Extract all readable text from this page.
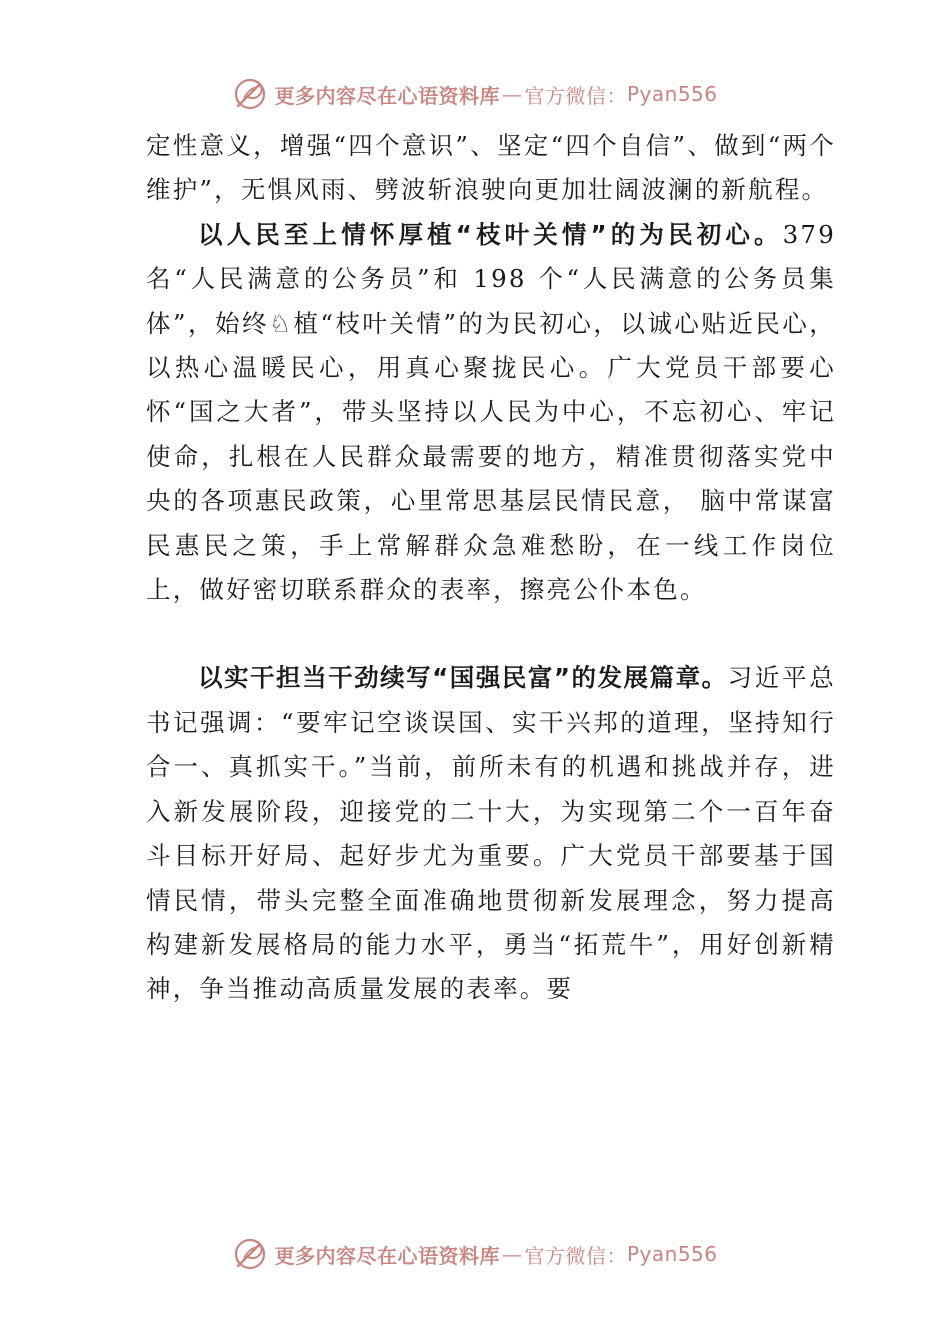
更多内容尽在心语资料库 — 官方微信： Pyan556

定性意义，增强“四个意识”、坚定“四个自信”、做到“两个维护”，无惧风雨、劈波斩浪驶向更加壮阔波澜的新航程。

以人民至上情怀厚植“枝叶关情”的为民初心。379名“人民满意的公务员”和 198 个“人民满意的公务员集体”，始终♘植“枝叶关情”的为民初心，以诚心贴近民心，以热心温暖民心，用真心聚拢民心。广大党员干部要心怀“国之大者”，带头坚持以人民为中心，不忘初心、牢记使命，扎根在人民群众最需要的地方，精准贯彻落实党中央的各项惠民政策，心里常思基层民情民意， 脑中常谋富民惠民之策，手上常解群众急难愁盼，在一线工作岗位上，做好密切联系群众的表率，擦亮公仆本色。

以实干担当干劲续写“国强民富”的发展篇章。习近平总书记强调：“要牢记空谈误国、实干兴邦的道理，坚持知行合一、真抓实干。”当前，前所未有的机遇和挑战并存，进入新发展阶段，迎接党的二十大，为实现第二个一百年奋斗目标开好局、起好步尤为重要。广大党员干部要基于国情民情，带头完整全面准确地贯彻新发展理念，努力提高构建新发展格局的能力水平，勇当“拓荒牛”，用好创新精神，争当推动高质量发展的表率。要

更多内容尽在心语资料库 — 官方微信： Pyan556
